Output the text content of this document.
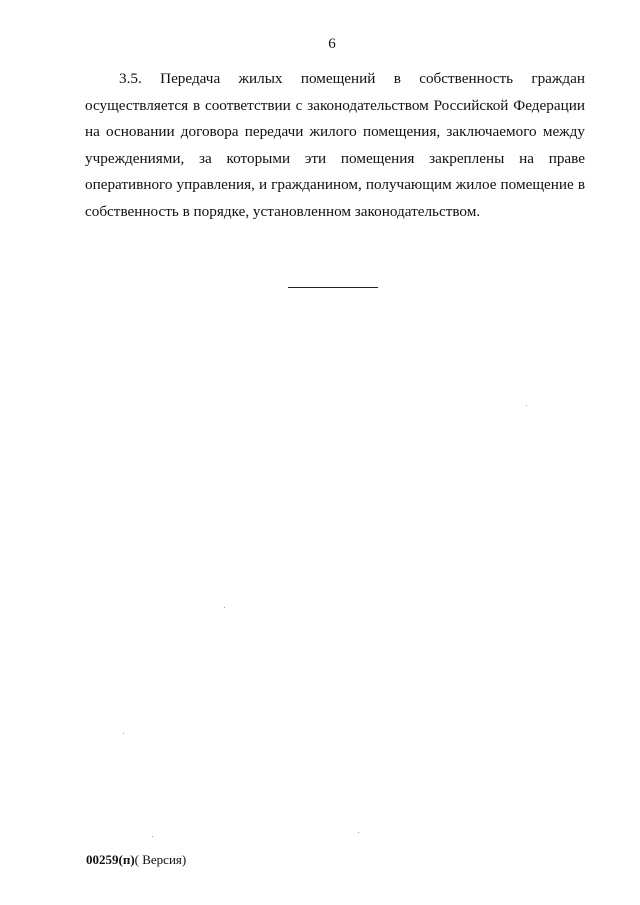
6
3.5. Передача жилых помещений в собственность граждан
осуществляется в соответствии с законодательством Российской Федерации
на основании договора передачи жилого помещения, заключаемого между
учреждениями, за которыми эти помещения закреплены на праве
оперативного управления, и гражданином, получающим жилое помещение в
собственность в порядке, установленном законодательством.
00259(п)( Версия)
